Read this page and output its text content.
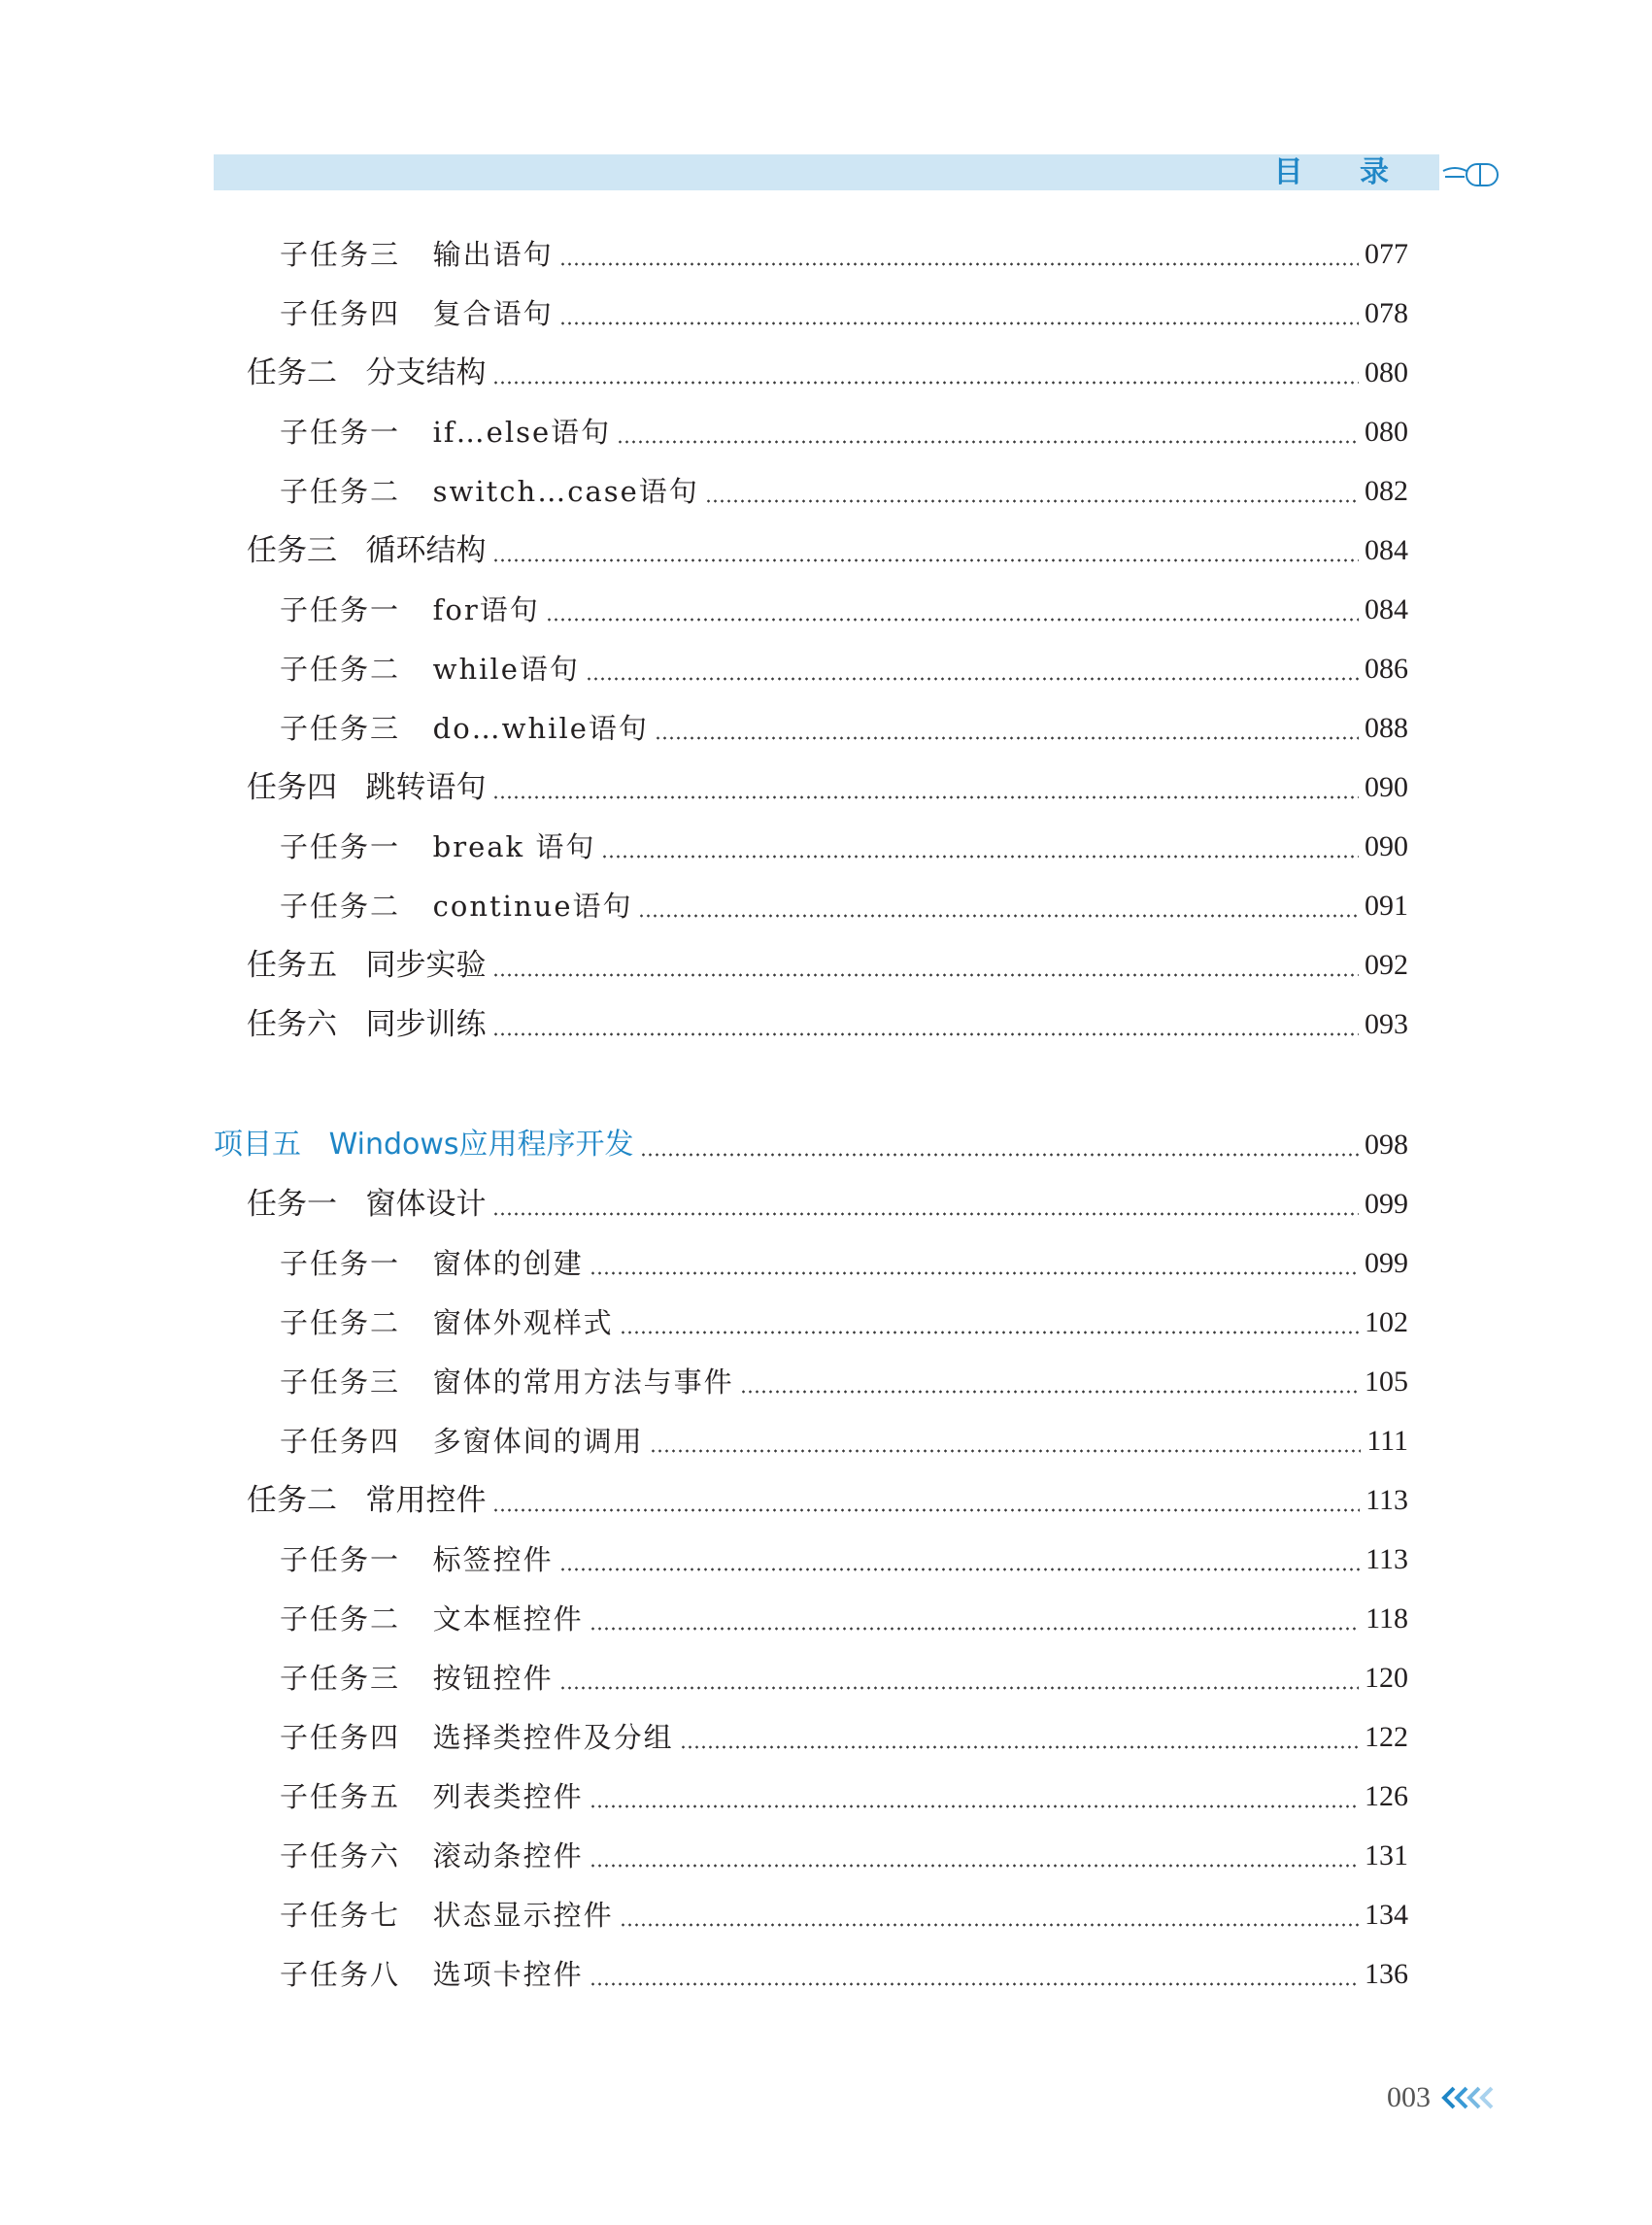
目 录
子任务三   输出语句	077
子任务四   复合语句	078
任务二   分支结构	080
子任务一   if…else语句	080
子任务二   switch…case语句	082
任务三   循环结构	084
子任务一   for语句	084
子任务二   while语句	086
子任务三   do…while语句	088
任务四   跳转语句	090
子任务一   break 语句	090
子任务二   continue语句	091
任务五   同步实验	092
任务六   同步训练	093
项目五   Windows应用程序开发	098
任务一   窗体设计	099
子任务一   窗体的创建	099
子任务二   窗体外观样式	102
子任务三   窗体的常用方法与事件	105
子任务四   多窗体间的调用	111
任务二   常用控件	113
子任务一   标签控件	113
子任务二   文本框控件	118
子任务三   按钮控件	120
子任务四   选择类控件及分组	122
子任务五   列表类控件	126
子任务六   滚动条控件	131
子任务七   状态显示控件	134
子任务八   选项卡控件	136
003
